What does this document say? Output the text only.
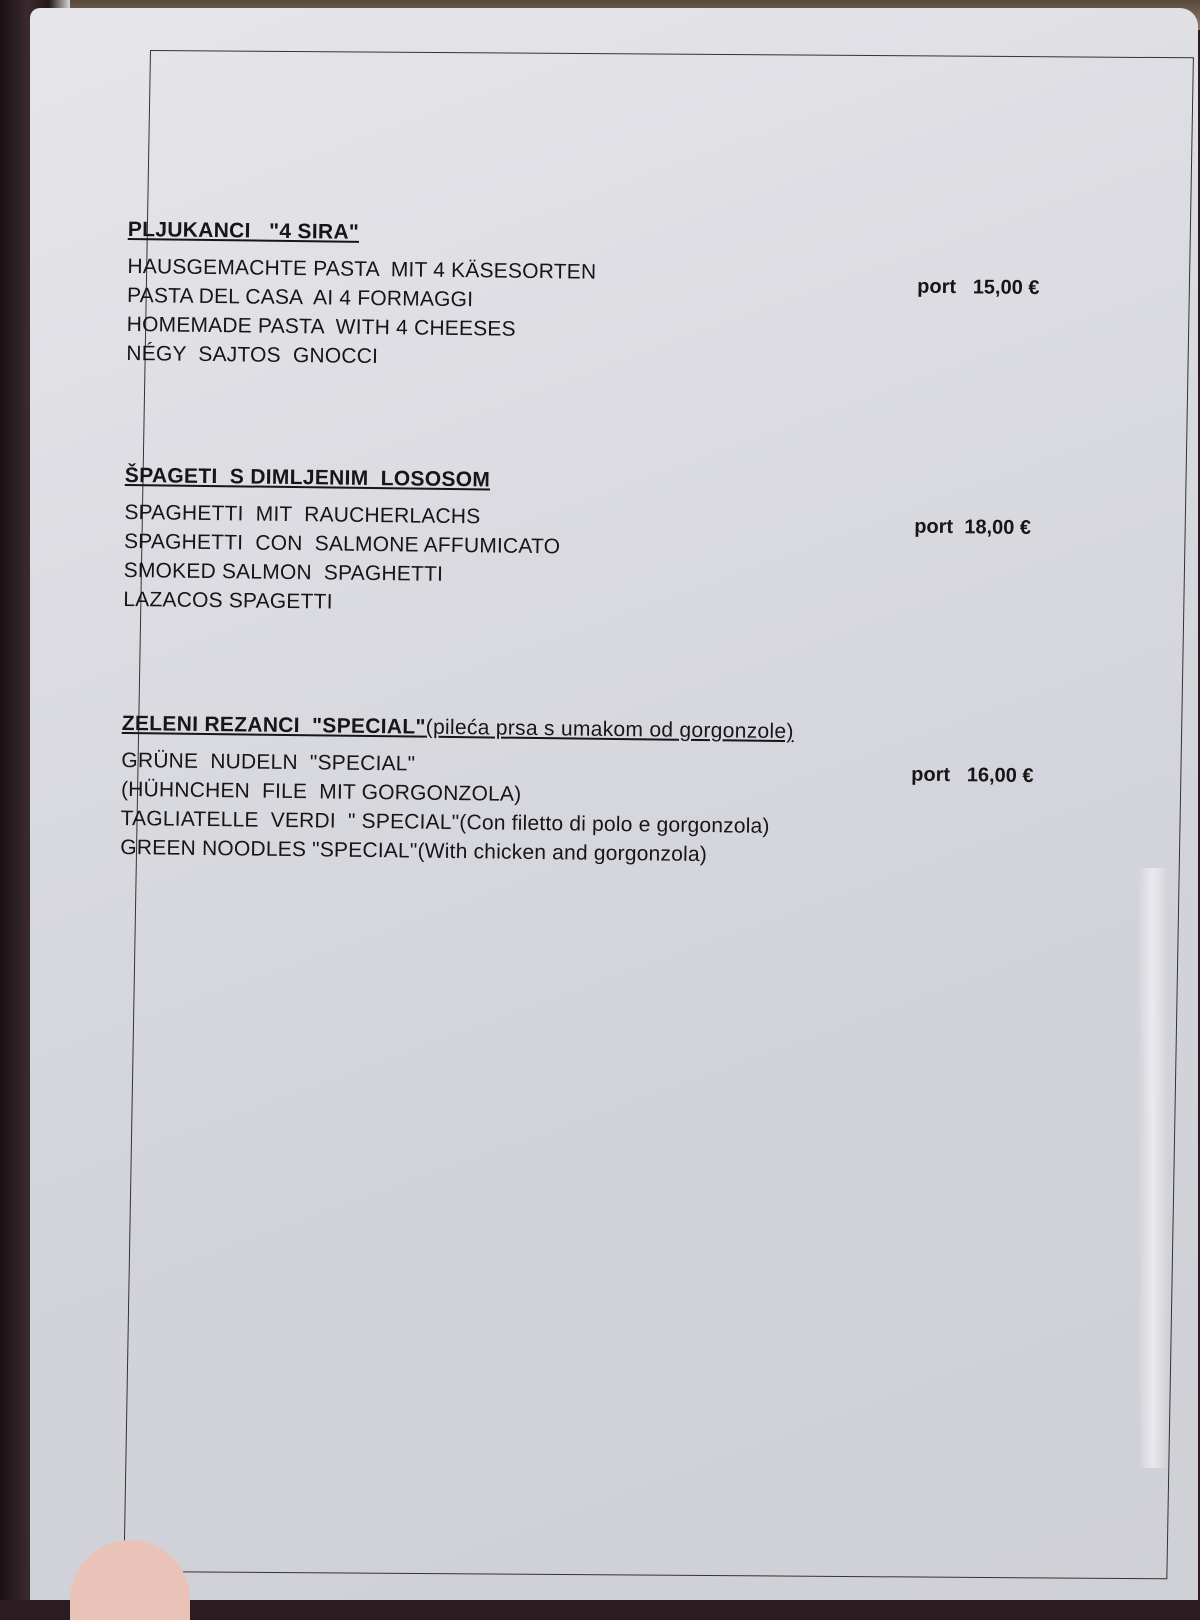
PLJUKANCI   "4 SIRA"
HAUSGEMACHTE PASTA  MIT 4 KÄSESORTEN
PASTA DEL CASA  AI 4 FORMAGGI
HOMEMADE PASTA  WITH 4 CHEESES
NÉGY  SAJTOS  GNOCCI
port   15,00 €
ŠPAGETI  S DIMLJENIM  LOSOSOM
SPAGHETTI  MIT  RAUCHERLACHS
SPAGHETTI  CON  SALMONE AFFUMICATO
SMOKED SALMON  SPAGHETTI
LAZACOS SPAGETTI
port  18,00 €
ZELENI REZANCI  "SPECIAL"(pileća prsa s umakom od gorgonzole)
GRÜNE  NUDELN  "SPECIAL"
(HÜHNCHEN  FILE  MIT GORGONZOLA)
TAGLIATELLE  VERDI  " SPECIAL"(Con filetto di polo e gorgonzola)
GREEN NOODLES "SPECIAL"(With chicken and gorgonzola)
port   16,00 €
